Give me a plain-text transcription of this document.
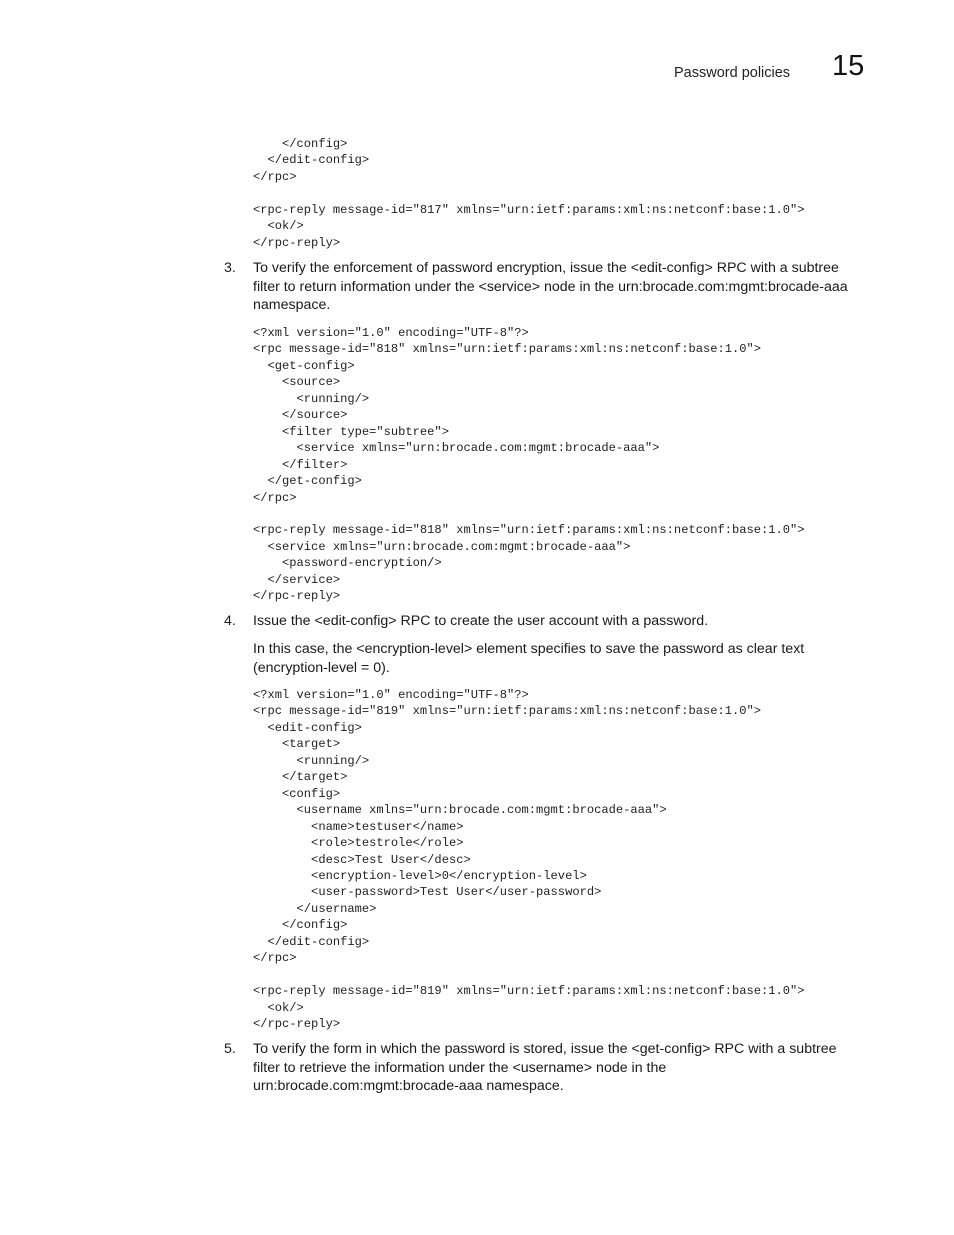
Password policies 15
</config>
</edit-config>
</rpc>

<rpc-reply message-id="817" xmlns="urn:ietf:params:xml:ns:netconf:base:1.0">
<ok/>
</rpc-reply>
3. To verify the enforcement of password encryption, issue the <edit-config> RPC with a subtree filter to return information under the <service> node in the urn:brocade.com:mgmt:brocade-aaa namespace.
<?xml version="1.0" encoding="UTF-8"?>
<rpc message-id="818" xmlns="urn:ietf:params:xml:ns:netconf:base:1.0">
<get-config>
<source>
<running/>
</source>
<filter type="subtree">
<service xmlns="urn:brocade.com:mgmt:brocade-aaa">
</filter>
</get-config>
</rpc>

<rpc-reply message-id="818" xmlns="urn:ietf:params:xml:ns:netconf:base:1.0">
<service xmlns="urn:brocade.com:mgmt:brocade-aaa">
<password-encryption/>
</service>
</rpc-reply>
4. Issue the <edit-config> RPC to create the user account with a password.
In this case, the <encryption-level> element specifies to save the password as clear text (encryption-level = 0).
<?xml version="1.0" encoding="UTF-8"?>
<rpc message-id="819" xmlns="urn:ietf:params:xml:ns:netconf:base:1.0">
<edit-config>
<target>
<running/>
</target>
<config>
<username xmlns="urn:brocade.com:mgmt:brocade-aaa">
<name>testuser</name>
<role>testrole</role>
<desc>Test User</desc>
<encryption-level>0</encryption-level>
<user-password>Test User</user-password>
</username>
</config>
</edit-config>
</rpc>

<rpc-reply message-id="819" xmlns="urn:ietf:params:xml:ns:netconf:base:1.0">
<ok/>
</rpc-reply>
5. To verify the form in which the password is stored, issue the <get-config> RPC with a subtree filter to retrieve the information under the <username> node in the urn:brocade.com:mgmt:brocade-aaa namespace.
